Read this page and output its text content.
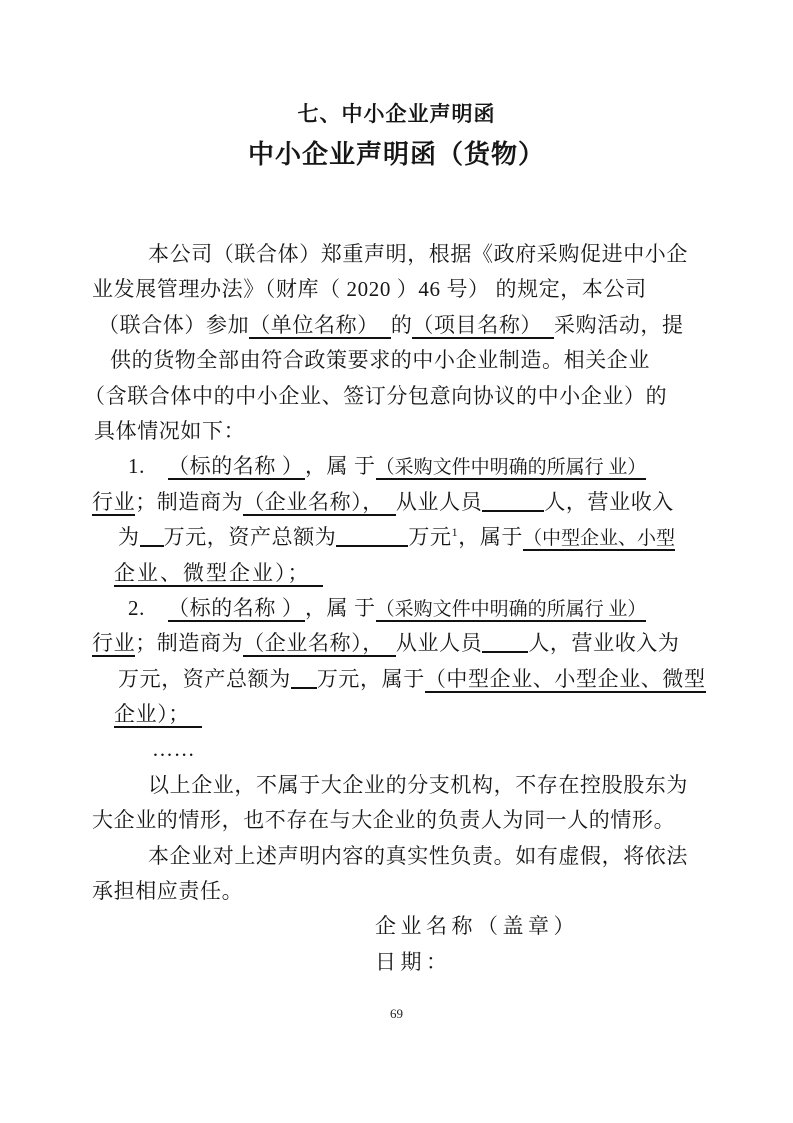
七、中小企业声明函
中小企业声明函（货物）
本公司（联合体）郑重声明，根据《政府采购促进中小企
业发展管理办法》（财库（ 2020 ）46 号） 的规定，本公司
（联合体）参加（单位名称） 的（项目名称） 采购活动，提
供的货物全部由符合政策要求的中小企业制造。相关企业
（含联合体中的中小企业、签订分包意向协议的中小企业）的
具体情况如下：
1. （标的名称 ） ，属 于（采购文件中明确的所属行 业）
行业；制造商为（企业名称）， 从业人员	人，营业收入
为 万元，资产总额为	万元$^1$，属于（中型企业、小型
企业、微型企业）；
2. （标的名称 ） ，属 于（采购文件中明确的所属行 业）
行业；制造商为（企业名称）， 从业人员 人，营业收入为
万元，资产总额为 万元，属于（中型企业、小型企业、微型
企业）；
……
以上企业，不属于大企业的分支机构，不存在控股股东为
大企业的情形，也不存在与大企业的负责人为同一人的情形。
本企业对上述声明内容的真实性负责。如有虚假，将依法
承担相应责任。
企业名称（盖章）
日期：
69
